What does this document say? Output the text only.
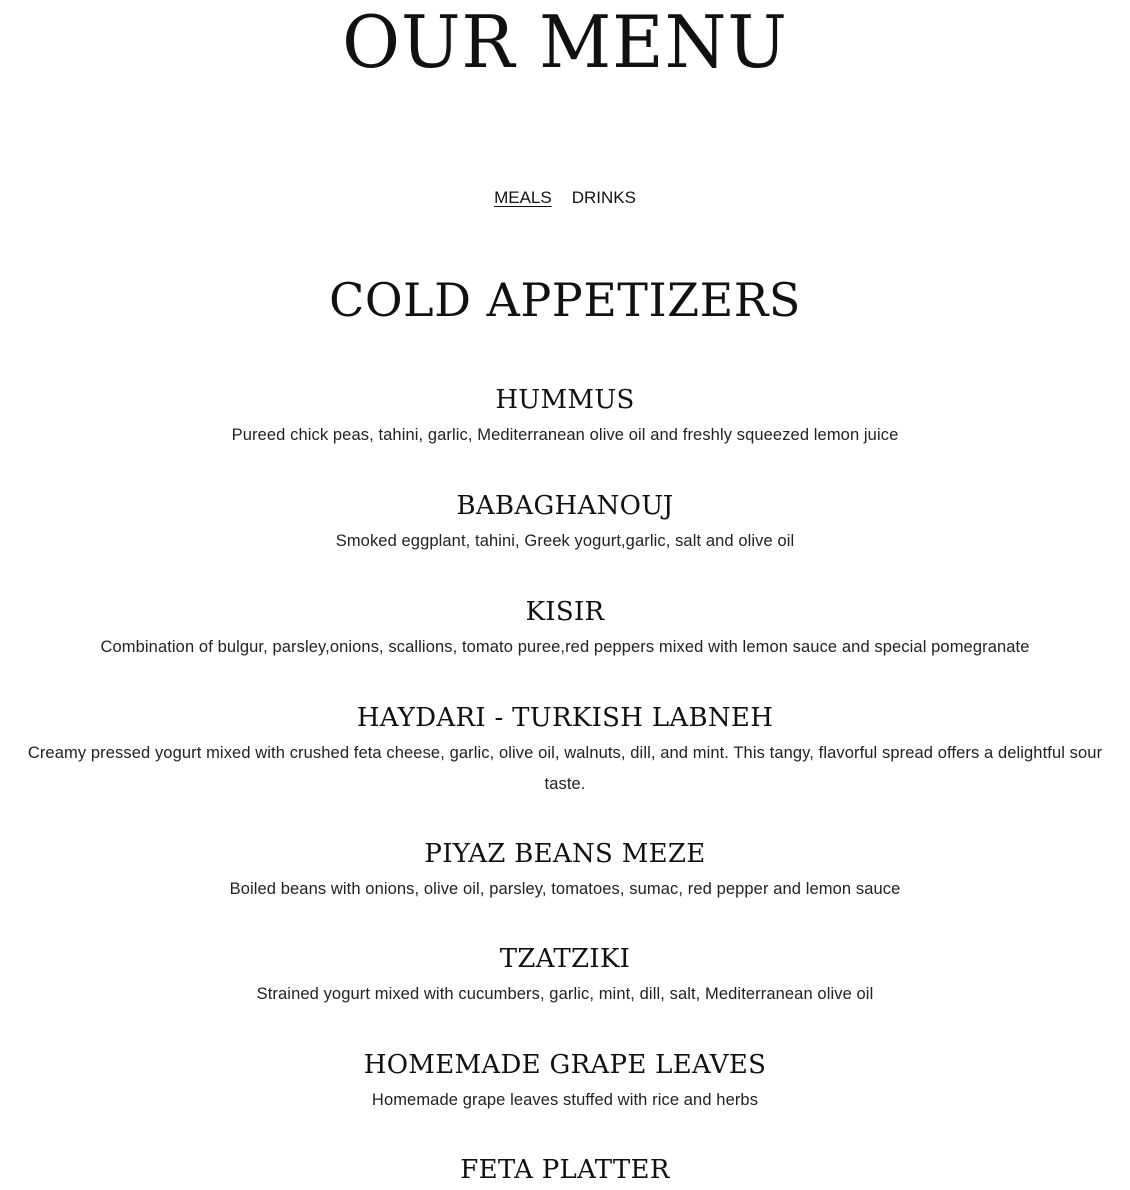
OUR MENU
MEALS DRINKS
COLD APPETIZERS
HUMMUS
Pureed chick peas, tahini, garlic, Mediterranean olive oil and freshly squeezed lemon juice
BABAGHANOUJ
Smoked eggplant, tahini, Greek yogurt,garlic, salt and olive oil
KISIR
Combination of bulgur, parsley,onions, scallions, tomato puree,red peppers mixed with lemon sauce and special pomegranate
HAYDARI - TURKISH LABNEH
Creamy pressed yogurt mixed with crushed feta cheese, garlic, olive oil, walnuts, dill, and mint. This tangy, flavorful spread offers a delightful sour taste.
PIYAZ BEANS MEZE
Boiled beans with onions, olive oil, parsley, tomatoes, sumac, red pepper and lemon sauce
TZATZIKI
Strained yogurt mixed with cucumbers, garlic, mint, dill, salt, Mediterranean olive oil
HOMEMADE GRAPE LEAVES
Homemade grape leaves stuffed with rice and herbs
FETA PLATTER
